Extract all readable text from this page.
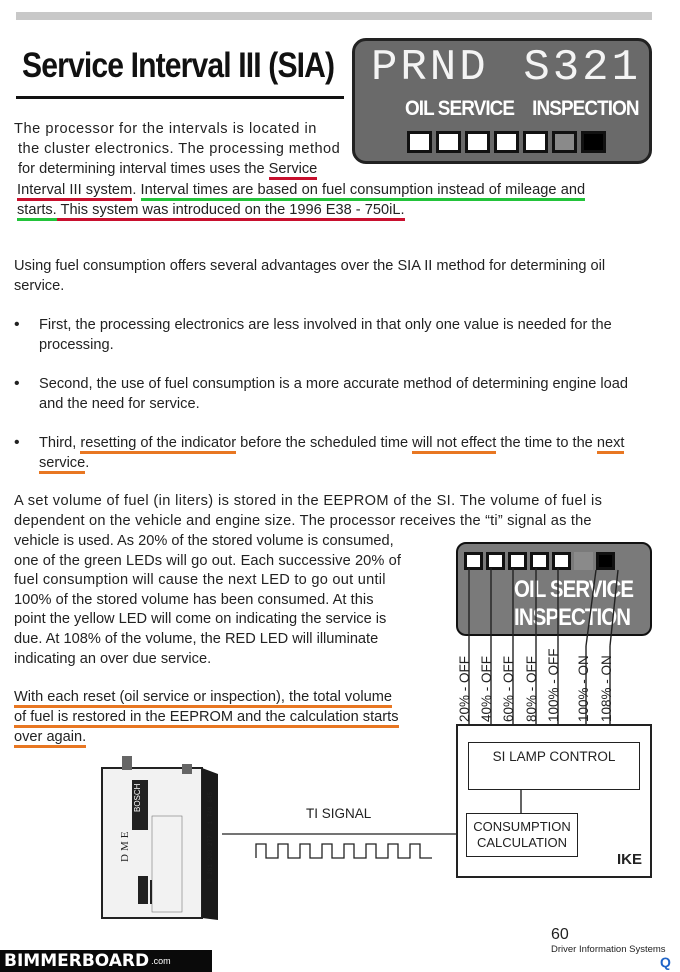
Service Interval III (SIA) PRND S321
OIL SERVICE INSPECTION
The processor for the intervals is located in
the cluster electronics. The processing method
for determining interval times uses the Service
Interval III system. Interval times are based on fuel consumption instead of mileage and
starts. This system was introduced on the 1996 E38 - 750iL.
Using fuel consumption offers several advantages over the SIA II method for determining oil service.
• First, the processing electronics are less involved in that only one value is needed for the processing.
• Second, the use of fuel consumption is a more accurate method of determining engine load and the need for service.
• Third, resetting of the indicator before the scheduled time will not effect the time to the next service.
A set volume of fuel (in liters) is stored in the EEPROM of the SI. The volume of fuel is
dependent on the vehicle and engine size. The processor receives the “ti” signal as the
vehicle is used. As 20% of the stored volume is consumed,
one of the green LEDs will go out. Each successive 20% of
fuel consumption will cause the next LED to go out until
100% of the stored volume has been consumed. At this
point the yellow LED will come on indicating the service is
due. At 108% of the volume, the RED LED will illuminate
indicating an over due service.
With each reset (oil service or inspection), the total volume
of fuel is restored in the EEPROM and the calculation starts
over again.
OIL SERVICE
INSPECTION
20% - OFF 40% - OFF 60% - OFF 80% - OFF 100% - OFF 100% - ON 108% - ON
SI LAMP CONTROL
CONSUMPTION CALCULATION
IKE
TI SIGNAL
BOSCH
DME	0 261 203 277 / 1 748 645
60
Driver Information Systems
BIMMERBOARD .com	Q
